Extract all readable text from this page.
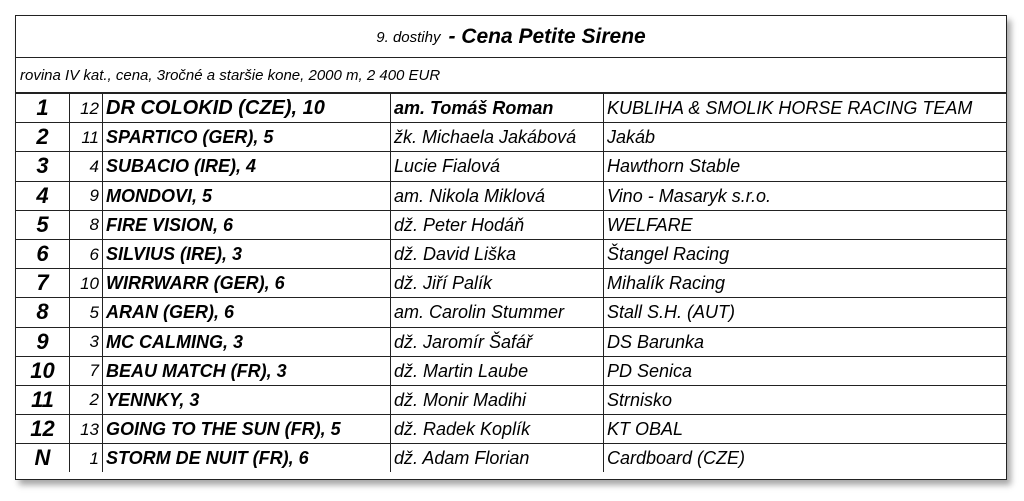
9. dostihy - Cena Petite Sirene
rovina IV kat., cena, 3ročné a staršie kone, 2000 m, 2 400 EUR
1	12	DR COLOKID (CZE), 10	am. Tomáš Roman	KUBLIHA & SMOLIK HORSE RACING TEAM
2	11	SPARTICO (GER), 5	žk. Michaela Jakábová	Jakáb
3	4	SUBACIO (IRE), 4	Lucie Fialová	Hawthorn Stable
4	9	MONDOVI, 5	am. Nikola Miklová	Vino - Masaryk s.r.o.
5	8	FIRE VISION, 6	dž. Peter Hodáň	WELFARE
6	6	SILVIUS (IRE), 3	dž. David Liška	Štangel Racing
7	10	WIRRWARR (GER), 6	dž. Jiří Palík	Mihalík Racing
8	5	ARAN (GER), 6	am. Carolin Stummer	Stall S.H. (AUT)
9	3	MC CALMING, 3	dž. Jaromír Šafář	DS Barunka
10	7	BEAU MATCH (FR), 3	dž. Martin Laube	PD Senica
11	2	YENNKY, 3	dž. Monir Madihi	Strnisko
12	13	GOING TO THE SUN (FR), 5	dž. Radek Koplík	KT OBAL
N	1	STORM DE NUIT (FR), 6	dž. Adam Florian	Cardboard (CZE)
